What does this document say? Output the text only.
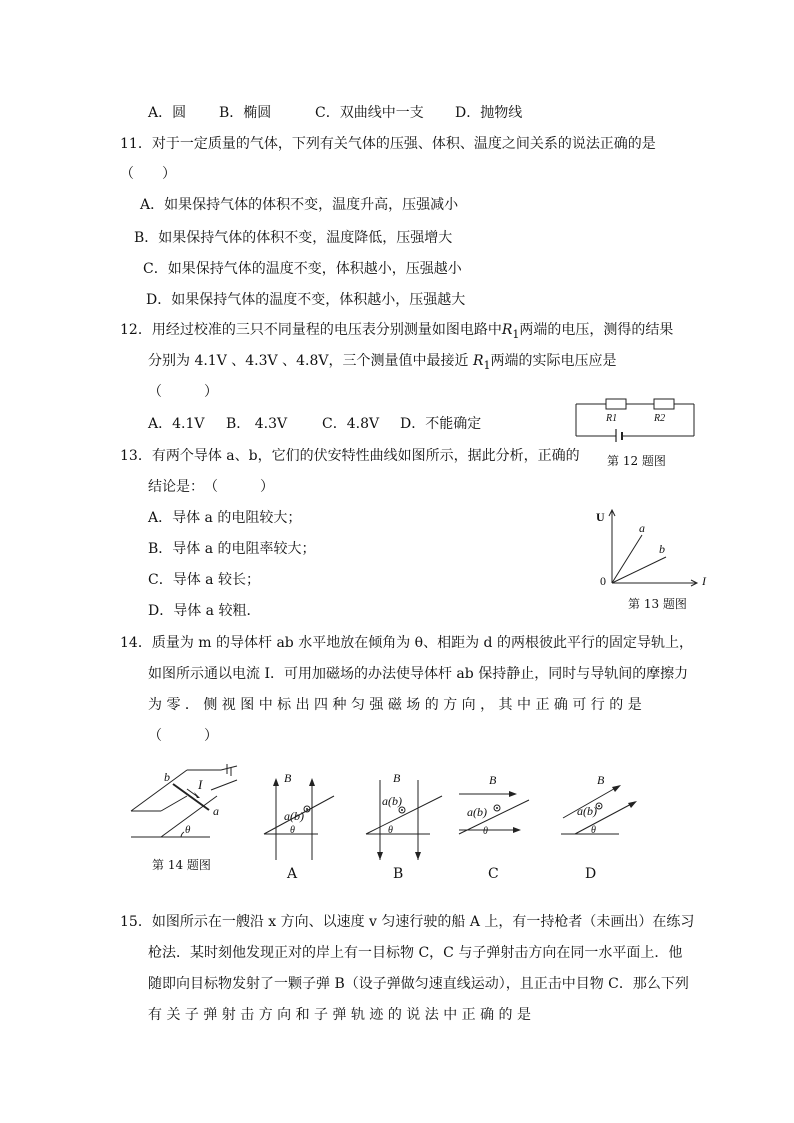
A．圆 B．椭圆	C．双曲线中一支 D．抛物线
11．对于一定质量的气体，下列有关气体的压强、体积、温度之间关系的说法正确的是
（　　）
A．如果保持气体的体积不变，温度升高，压强减小
B．如果保持气体的体积不变，温度降低，压强增大
C．如果保持气体的温度不变，体积越小，压强越小
D．如果保持气体的温度不变，体积越小，压强越大
12．用经过校准的三只不同量程的电压表分别测量如图电路中$R_1$两端的电压，测得的结果
分别为 4.1V 、4.3V 、4.8V，三个测量值中最接近 $R_1$两端的实际电压应是
（　　　）
A．4.1V B． 4.3V C．4.8V D．不能确定	R1	R2
第 12 题图
13．有两个导体 a、b，它们的伏安特性曲线如图所示，据此分析，正确的
结论是：　（　　　）
A．导体 a 的电阻较大；
B．导体 a 的电阻率较大；
C．导体 a 较长；
D．导体 a 较粗．
U
I
0
a
b
第 13 题图
14．质量为 m 的导体杆 ab 水平地放在倾角为 θ、相距为 d 的两根彼此平行的固定导轨上，
如图所示通以电流 I．可用加磁场的办法使导体杆 ab 保持静止，同时与导轨间的摩擦力
为 零 ． 侧 视 图 中 标 出 四 种 匀 强 磁 场 的 方 向 ， 其 中 正 确 可 行 的 是
（　　　）
b
a
I
θ
第 14 题图
B
a(b)
θ
A
B
a(b)
θ
B
B
a(b)
θ
C
B
a(b)
θ
D
15．如图所示在一艘沿 x 方向、以速度 v 匀速行驶的船 A 上，有一持枪者（未画出）在练习
枪法．某时刻他发现正对的岸上有一目标物 C，C 与子弹射击方向在同一水平面上．他
随即向目标物发射了一颗子弹 B（设子弹做匀速直线运动），且正击中目物 C．那么下列
有 关 子 弹 射 击 方 向 和 子 弹 轨 迹 的 说 法 中 正 确 的 是
